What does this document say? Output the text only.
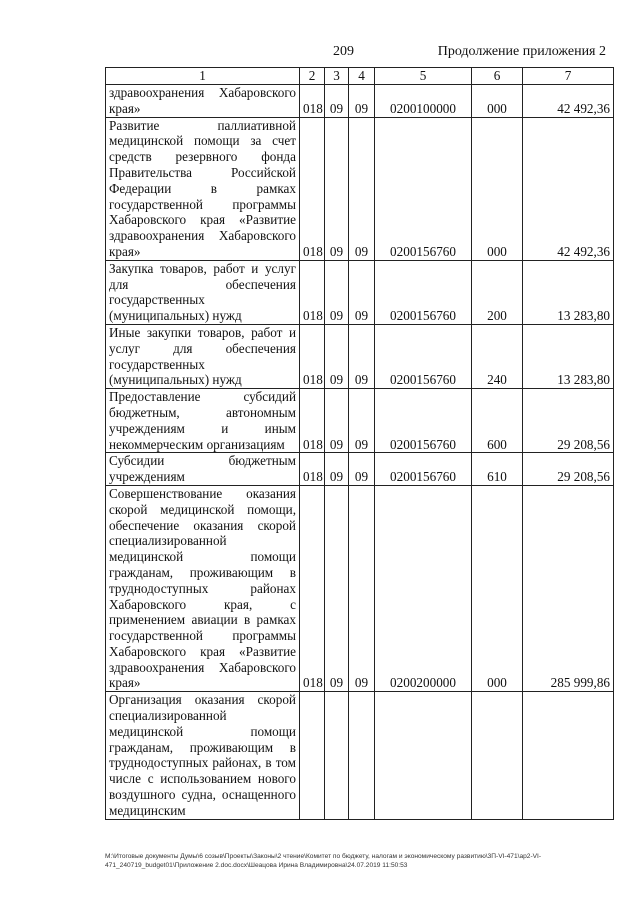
209	Продолжение приложения 2
1	2	3	4	5	6	7
здравоохранения Хабаровского края»	018	09	09	0200100000	000	42 492,36
Развитие паллиативной медицинской помощи за счет средств резервного фонда Правительства Российской Федерации в рамках государственной программы Хабаровского края «Развитие здравоохранения Хабаровского края»	018	09	09	0200156760	000	42 492,36
Закупка товаров, работ и услуг для обеспечения государственных (муниципальных) нужд	018	09	09	0200156760	200	13 283,80
Иные закупки товаров, работ и услуг для обеспечения государственных (муниципальных) нужд	018	09	09	0200156760	240	13 283,80
Предоставление субсидий бюджетным, автономным учреждениям и иным некоммерческим организациям	018	09	09	0200156760	600	29 208,56
Субсидии бюджетным учреждениям	018	09	09	0200156760	610	29 208,56
Совершенствование оказания скорой медицинской помощи, обеспечение оказания скорой специализированной медицинской помощи гражданам, проживающим в труднодоступных районах Хабаровского края, с применением авиации в рамках государственной программы Хабаровского края «Развитие здравоохранения Хабаровского края»	018	09	09	0200200000	000	285 999,86
Организация оказания скорой специализированной медицинской помощи гражданам, проживающим в труднодоступных районах, в том числе с использованием нового воздушного судна, оснащенного медицинским						
M:\Итоговые документы Думы\6 созыв\Проекты\Законы\2 чтение\Комитет по бюджету, налогам и экономическому развитию\3П-VI-471\ap2-VI-471_240719_budget01\Приложение 2.doc.docx\Шеацова Ирина Владимировна\24.07.2019 11:50:53
